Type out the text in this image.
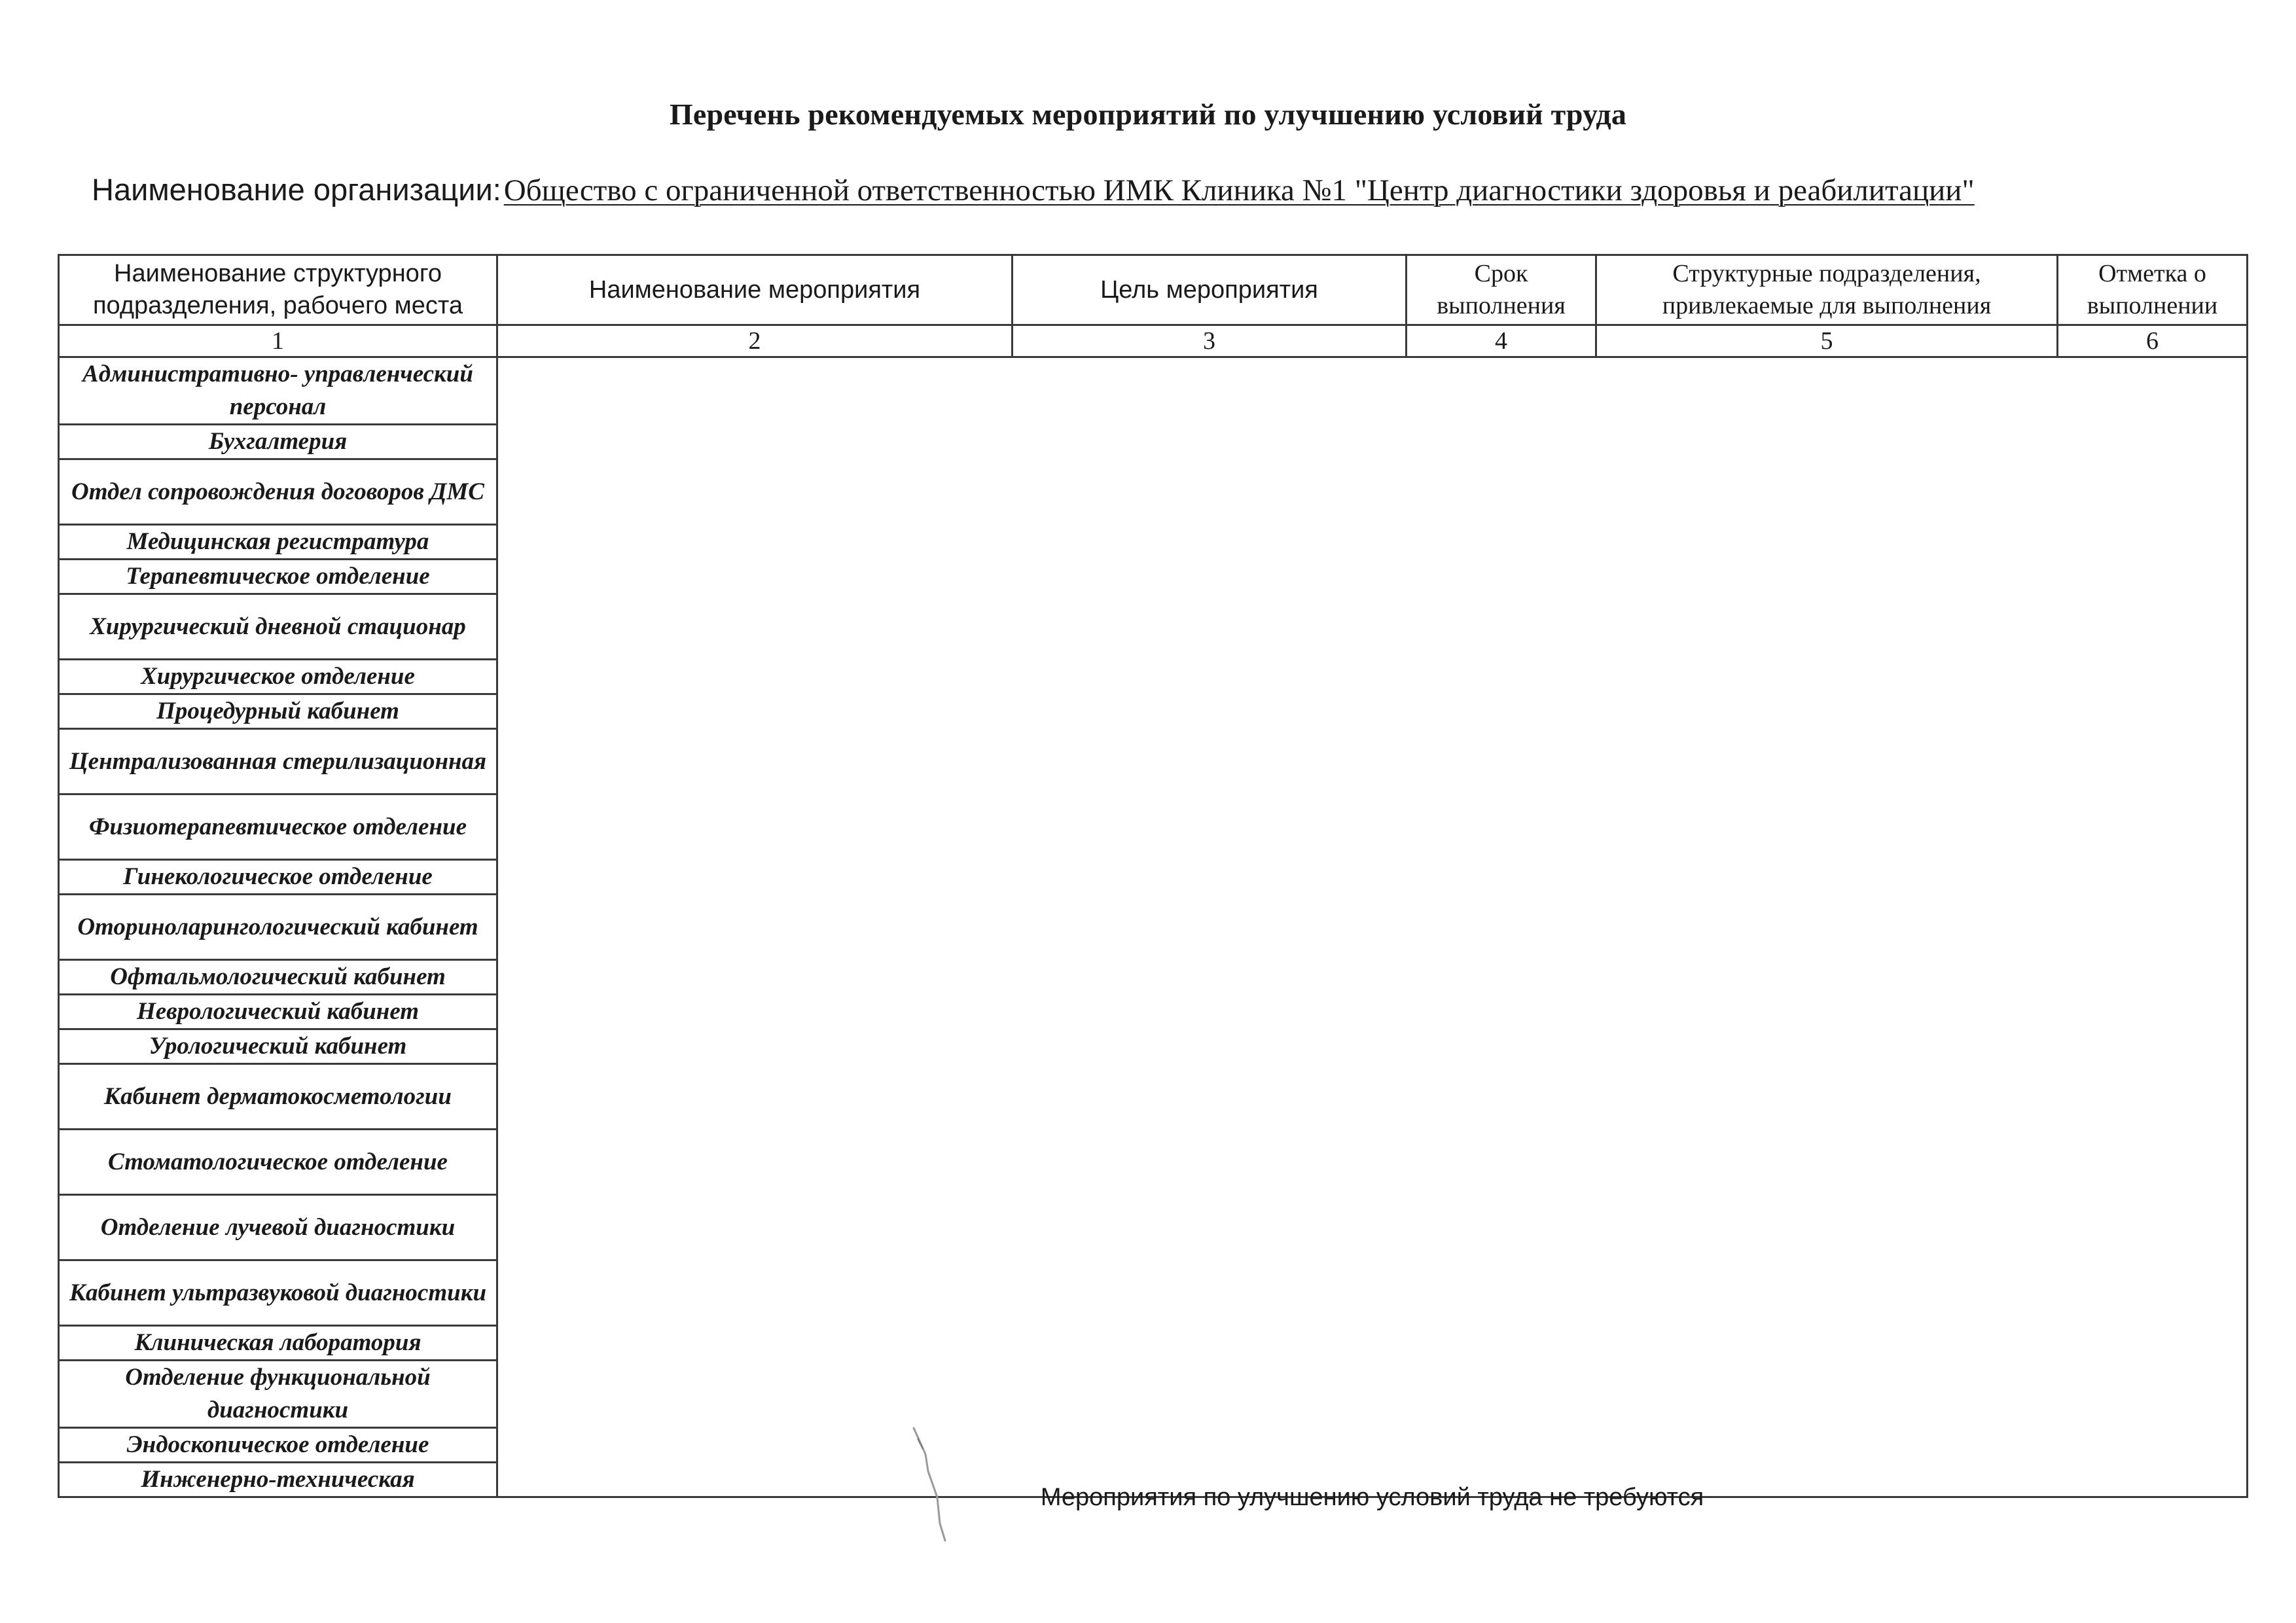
Перечень рекомендуемых мероприятий по улучшению условий труда
Наименование организации:Общество с ограниченной ответственностью ИМК Клиника №1 "Центр диагностики здоровья и реабилитации"
Наименование структурного подразделения, рабочего места	Наименование мероприятия	Цель мероприятия	Срок выполнения	Структурные подразделения, привлекаемые для выполнения	Отметка о выполнении
1	2	3	4	5	6
Административно- управленческий персонал	Мероприятия по улучшению условий труда не требуются				

Бухгалтерия					
Отдел сопровождения договоров ДМС					
Медицинская регистратура					
Терапевтическое отделение					
Хирургический дневной стационар					
Хирургическое отделение					
Процедурный кабинет					
Централизованная стерилизационная					
Физиотерапевтическое отделение					
Гинекологическое отделение					
Оториноларингологический кабинет					
Офтальмологический кабинет					
Неврологический кабинет					
Урологический кабинет					
Кабинет дерматокосметологии					
Стоматологическое отделение					
Отделение лучевой диагностики					
Кабинет ультразвуковой диагностики					
Клиническая лаборатория					
Отделение функциональной диагностики					
Эндоскопическое отделение					
Инженерно-техническая					
